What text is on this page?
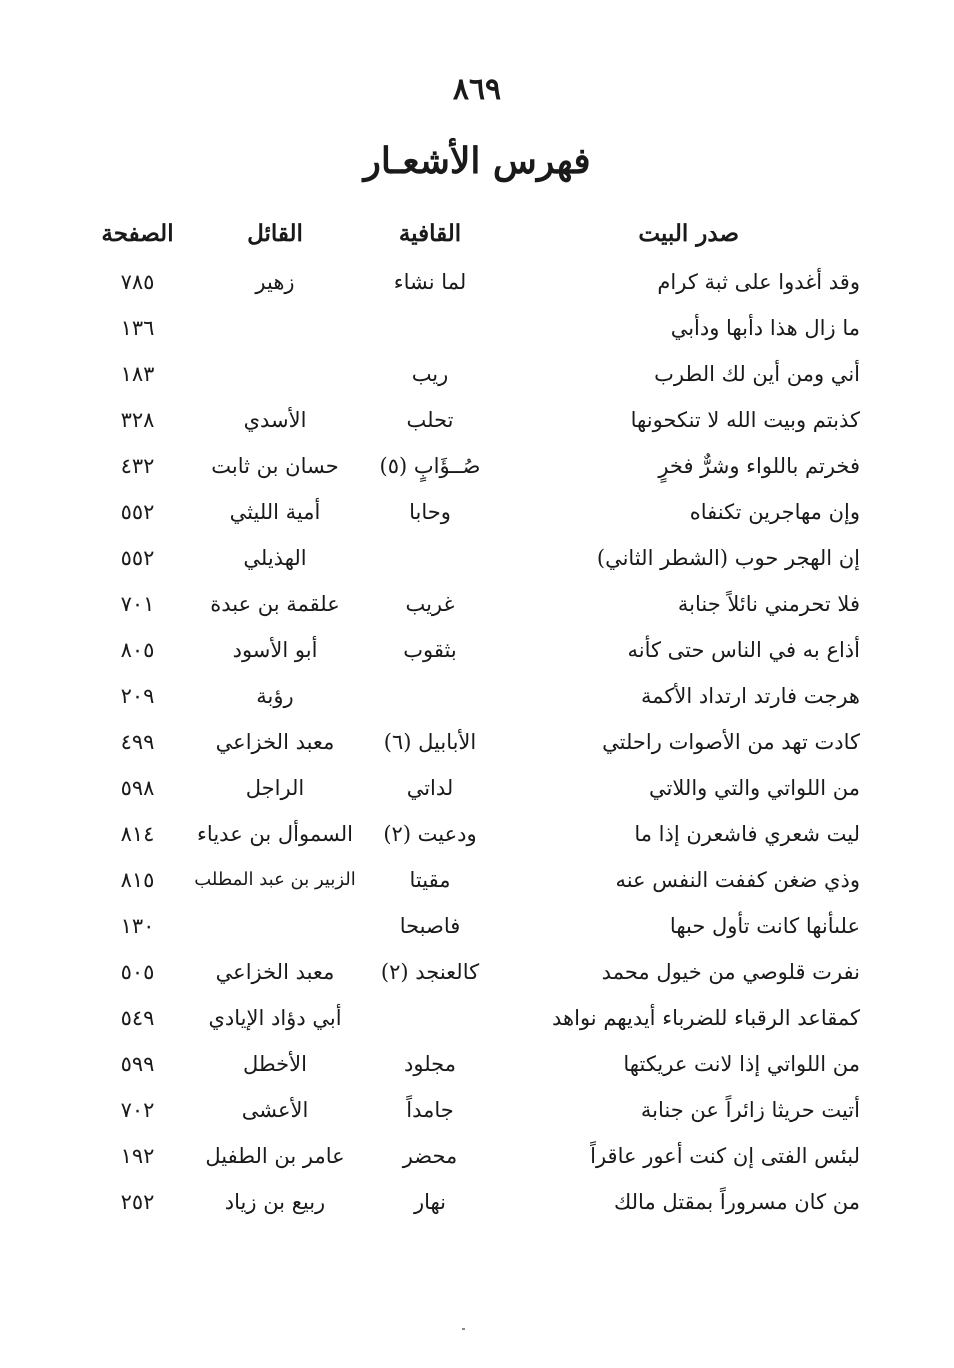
٨٦٩
فهرس الأشعـار
صدر البيت
القافية
القائل
الصفحة
وقد أغدوا على ثبة كرام
لما نشاء
زهير
٧٨٥
ما زال هذا دأبها ودأبي
١٣٦
أني ومن أين لك الطرب
ريب
١٨٣
كذبتم وبيت الله لا تنكحونها
تحلب
الأسدي
٣٢٨
فخرتم باللواء وشرٌّ فخرٍ
صُــؤَابٍ (٥)
حسان بن ثابت
٤٣٢
وإن مهاجرين تكنفاه
وحابا
أمية الليثي
٥٥٢
إن الهجر حوب (الشطر الثاني)
الهذيلي
٥٥٢
فلا تحرمني نائلاً جنابة
غريب
علقمة بن عبدة
٧٠١
أذاع به في الناس حتى كأنه
بثقوب
أبو الأسود
٨٠٥
هرجت فارتد ارتداد الأكمة
رؤبة
٢٠٩
كادت تهد من الأصوات راحلتي
الأبابيل (٦)
معبد الخزاعي
٤٩٩
من اللواتي والتي واللاتي
لداتي
الراجل
٥٩٨
ليت شعري فاشعرن إذا ما
ودعيت (٢)
السموأل بن عدياء
٨١٤
وذي ضغن كففت النفس عنه
مقيتا
الزبير بن عبد المطلب
٨١٥
علىأنها كانت تأول حبها
فاصبحا
١٣٠
نفرت قلوصي من خيول محمد
كالعنجد (٢)
معبد الخزاعي
٥٠٥
كمقاعد الرقباء للضرباء أيديهم نواهد
أبي دؤاد الإيادي
٥٤٩
من اللواتي إذا لانت عريكتها
مجلود
الأخطل
٥٩٩
أتيت حريثا زائراً عن جنابة
جامداً
الأعشى
٧٠٢
لبئس الفتى إن كنت أعور عاقراً
محضر
عامر بن الطفيل
١٩٢
من كان مسروراً بمقتل مالك
نهار
ربيع بن زياد
٢٥٢
